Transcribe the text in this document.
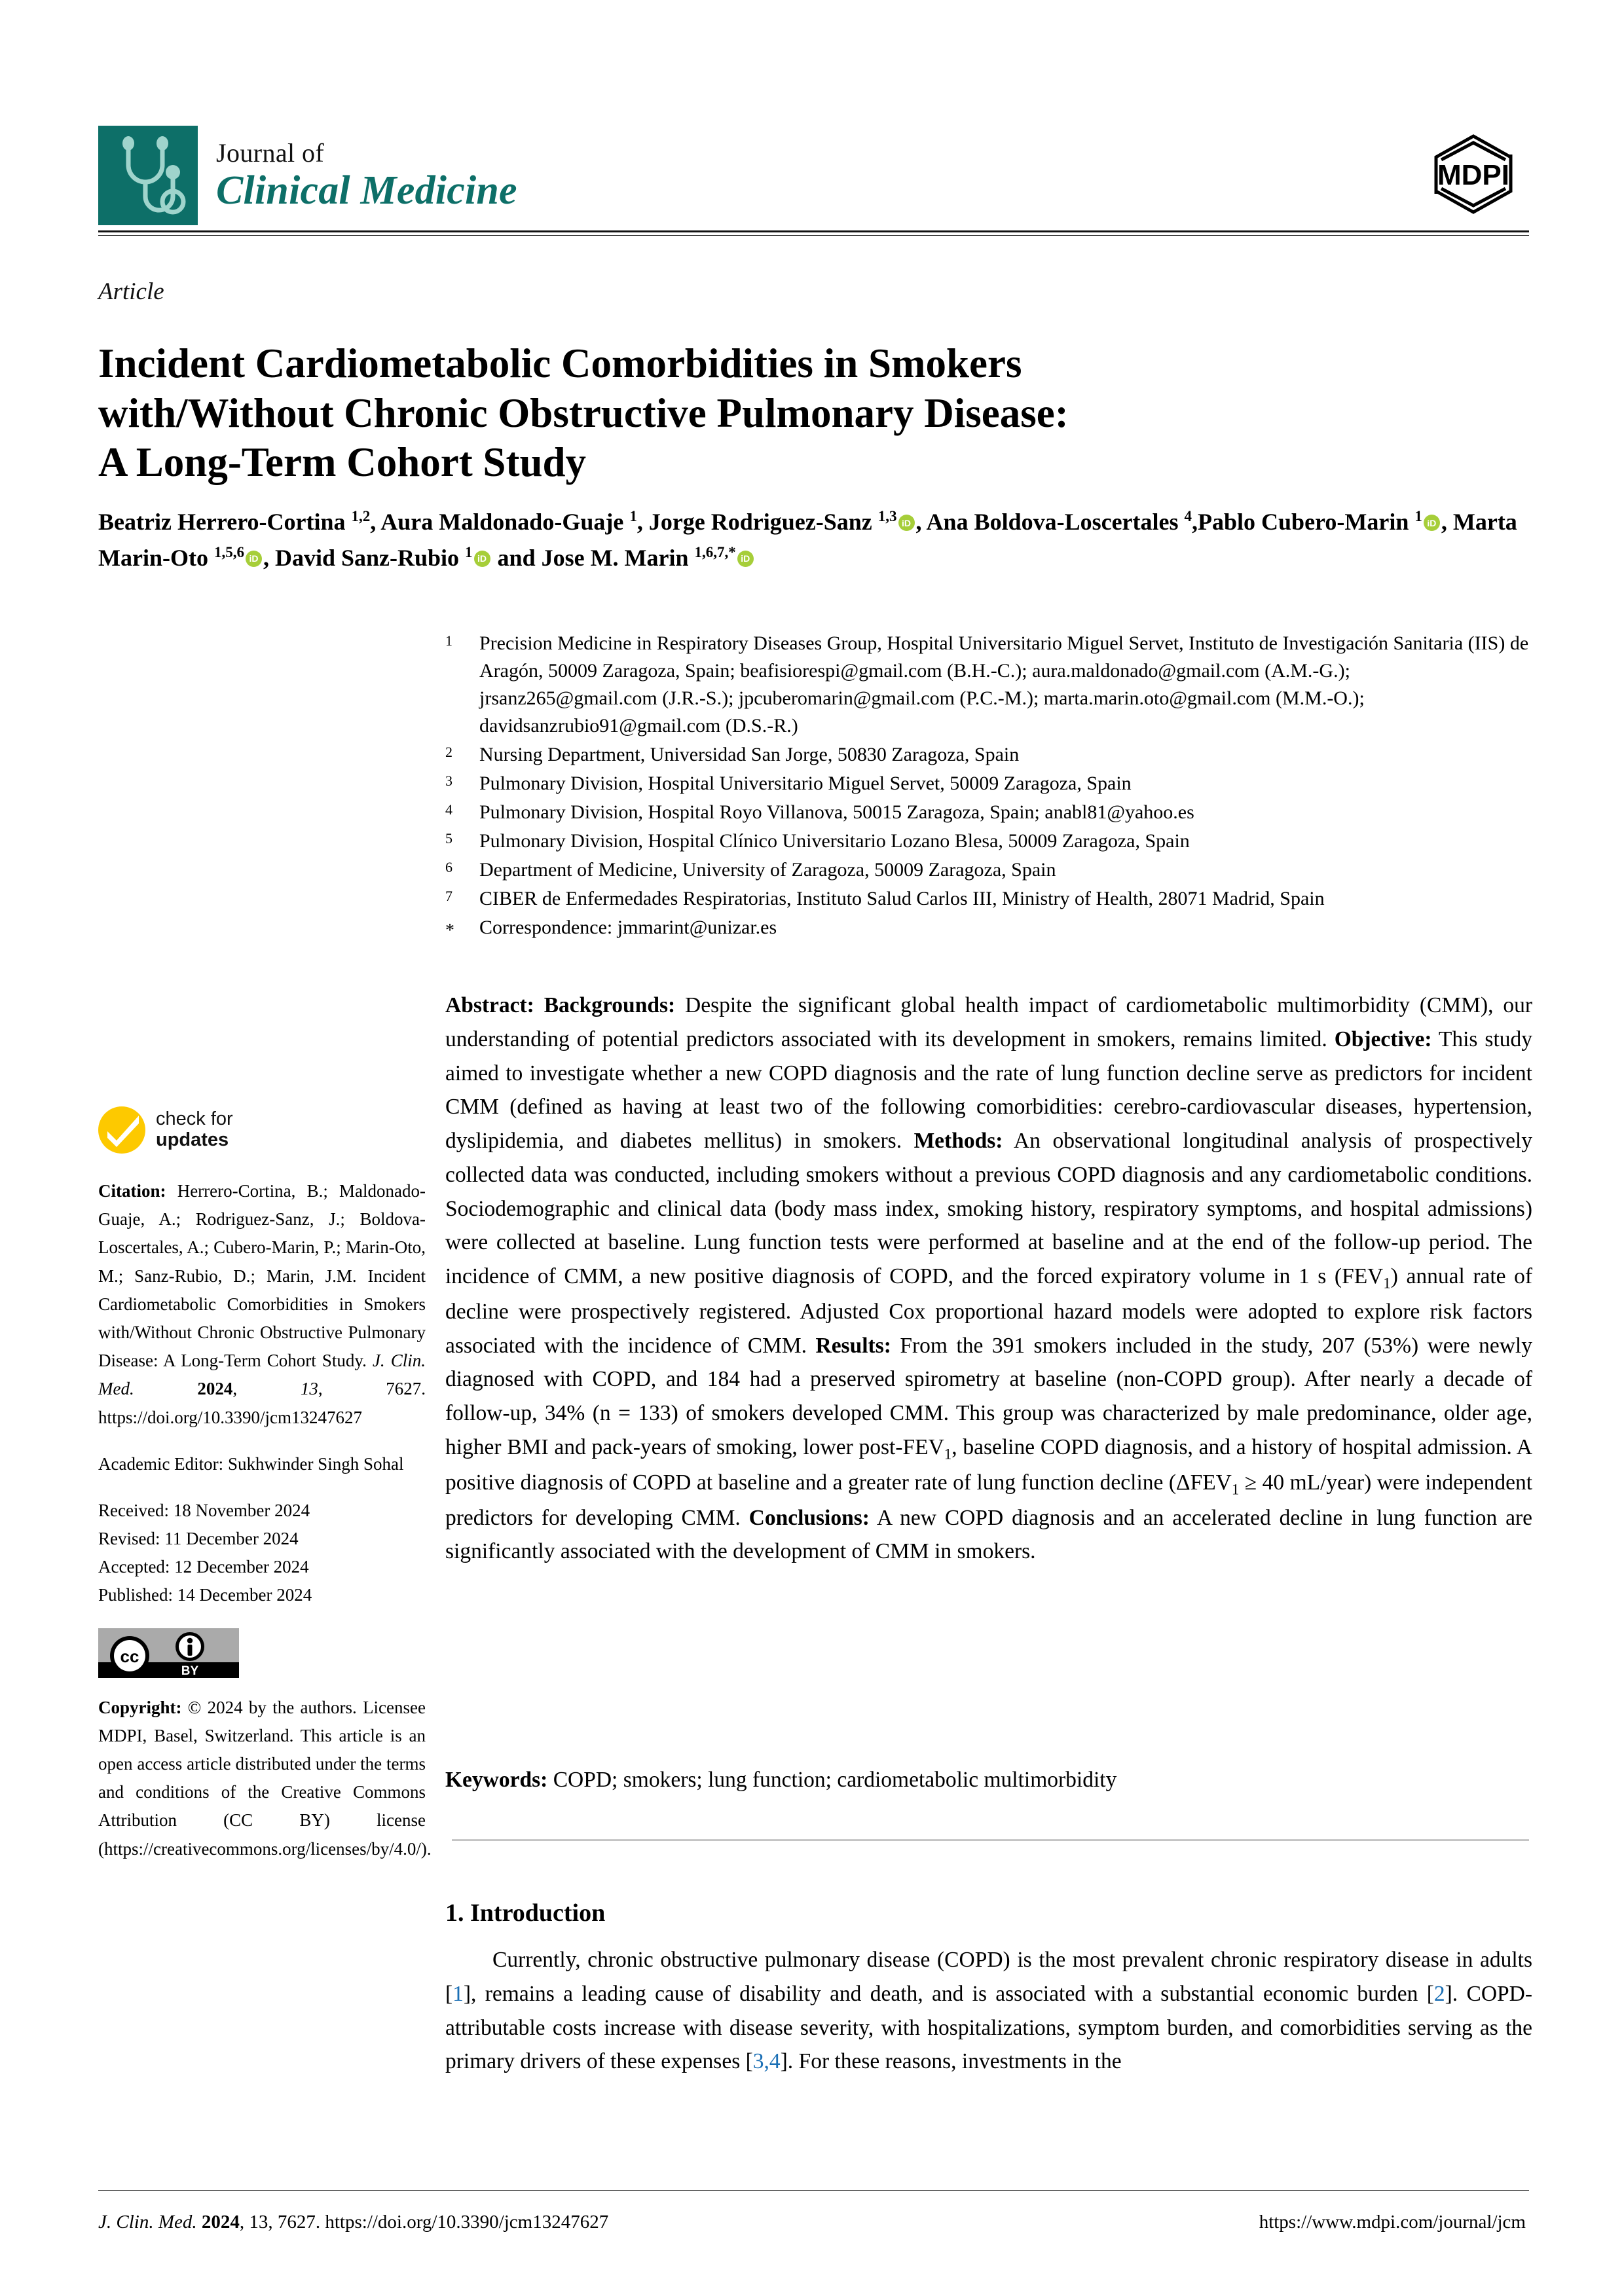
Journal of
Clinical Medicine	MDPI
Article
Incident Cardiometabolic Comorbidities in Smokers
with/Without Chronic Obstructive Pulmonary Disease:
A Long-Term Cohort Study
Beatriz Herrero-Cortina $^{1,2}$, Aura Maldonado-Guaje $^1$, Jorge Rodriguez-Sanz $^{1,3}$ iD , Ana Boldova-Loscertales $^4$,Pablo Cubero-Marin $^1$ iD , Marta Marin-Oto $^{1,5,6}$ iD , David Sanz-Rubio $^1$iD and Jose M. Marin $^{1,6,7,*}$iD
1	Precision Medicine in Respiratory Diseases Group, Hospital Universitario Miguel Servet, Instituto de Investigación Sanitaria (IIS) de Aragón, 50009 Zaragoza, Spain; beafisiorespi@gmail.com (B.H.-C.); aura.maldonado@gmail.com (A.M.-G.); jrsanz265@gmail.com (J.R.-S.); jpcuberomarin@gmail.com (P.C.-M.); marta.marin.oto@gmail.com (M.M.-O.); davidsanzrubio91@gmail.com (D.S.-R.)
2	Nursing Department, Universidad San Jorge, 50830 Zaragoza, Spain
3	Pulmonary Division, Hospital Universitario Miguel Servet, 50009 Zaragoza, Spain
4	Pulmonary Division, Hospital Royo Villanova, 50015 Zaragoza, Spain; anabl81@yahoo.es
5	Pulmonary Division, Hospital Clínico Universitario Lozano Blesa, 50009 Zaragoza, Spain
6	Department of Medicine, University of Zaragoza, 50009 Zaragoza, Spain
7	CIBER de Enfermedades Respiratorias, Instituto Salud Carlos III, Ministry of Health, 28071 Madrid, Spain
*	Correspondence: jmmarint@unizar.es
Abstract: Backgrounds: Despite the significant global health impact of cardiometabolic multimorbidity (CMM), our understanding of potential predictors associated with its development in smokers, remains limited. Objective: This study aimed to investigate whether a new COPD diagnosis and the rate of lung function decline serve as predictors for incident CMM (defined as having at least two of the following comorbidities: cerebro-cardiovascular diseases, hypertension, dyslipidemia, and diabetes mellitus) in smokers. Methods: An observational longitudinal analysis of prospectively collected data was conducted, including smokers without a previous COPD diagnosis and any cardiometabolic conditions. Sociodemographic and clinical data (body mass index, smoking history, respiratory symptoms, and hospital admissions) were collected at baseline. Lung function tests were performed at baseline and at the end of the follow-up period. The incidence of CMM, a new positive diagnosis of COPD, and the forced expiratory volume in 1 s $(FEV_1)$ annual rate of decline were prospectively registered. Adjusted Cox proportional hazard models were adopted to explore risk factors associated with the incidence of CMM. Results: From the 391 smokers included in the study, 207 (53%) were newly diagnosed with COPD, and 184 had a preserved spirometry at baseline (non-COPD group). After nearly a decade of follow-up, 34% (n = 133) of smokers developed CMM. This group was characterized by male predominance, older age, higher BMI and pack-years of smoking, lower post-$FEV_1$, baseline COPD diagnosis, and a history of hospital admission. A positive diagnosis of COPD at baseline and a greater rate of lung function decline ($\Delta FEV_1 \ge 40$ mL/year) were independent predictors for developing CMM. Conclusions: A new COPD diagnosis and an accelerated decline in lung function are significantly associated with the development of CMM in smokers.
Keywords: COPD; smokers; lung function; cardiometabolic multimorbidity
1. Introduction
Currently, chronic obstructive pulmonary disease (COPD) is the most prevalent chronic respiratory disease in adults [1], remains a leading cause of disability and death, and is associated with a substantial economic burden [2]. COPD-attributable costs increase with disease severity, with hospitalizations, symptom burden, and comorbidities serving as the primary drivers of these expenses [3,4]. For these reasons, investments in the
check for
updates
Citation: Herrero-Cortina, B.; Maldonado-Guaje, A.; Rodriguez-Sanz, J.; Boldova-Loscertales, A.; Cubero-Marin, P.; Marin-Oto, M.; Sanz-Rubio, D.; Marin, J.M. Incident Cardiometabolic Comorbidities in Smokers with/Without Chronic Obstructive Pulmonary Disease: A Long-Term Cohort Study. J. Clin. Med.	2024, 13, 7627. https://doi.org/10.3390/jcm13247627
Academic Editor: Sukhwinder Singh Sohal
Received: 18 November 2024
Revised: 11 December 2024
Accepted: 12 December 2024
Published: 14 December 2024
cc
BY
Copyright: © 2024 by the authors. Licensee MDPI, Basel, Switzerland. This article is an open access article distributed under the terms and conditions of the Creative Commons Attribution (CC BY) license (https://creativecommons.org/licenses/by/4.0/).
J. Clin. Med. 2024, 13, 7627. https://doi.org/10.3390/jcm13247627	https://www.mdpi.com/journal/jcm
